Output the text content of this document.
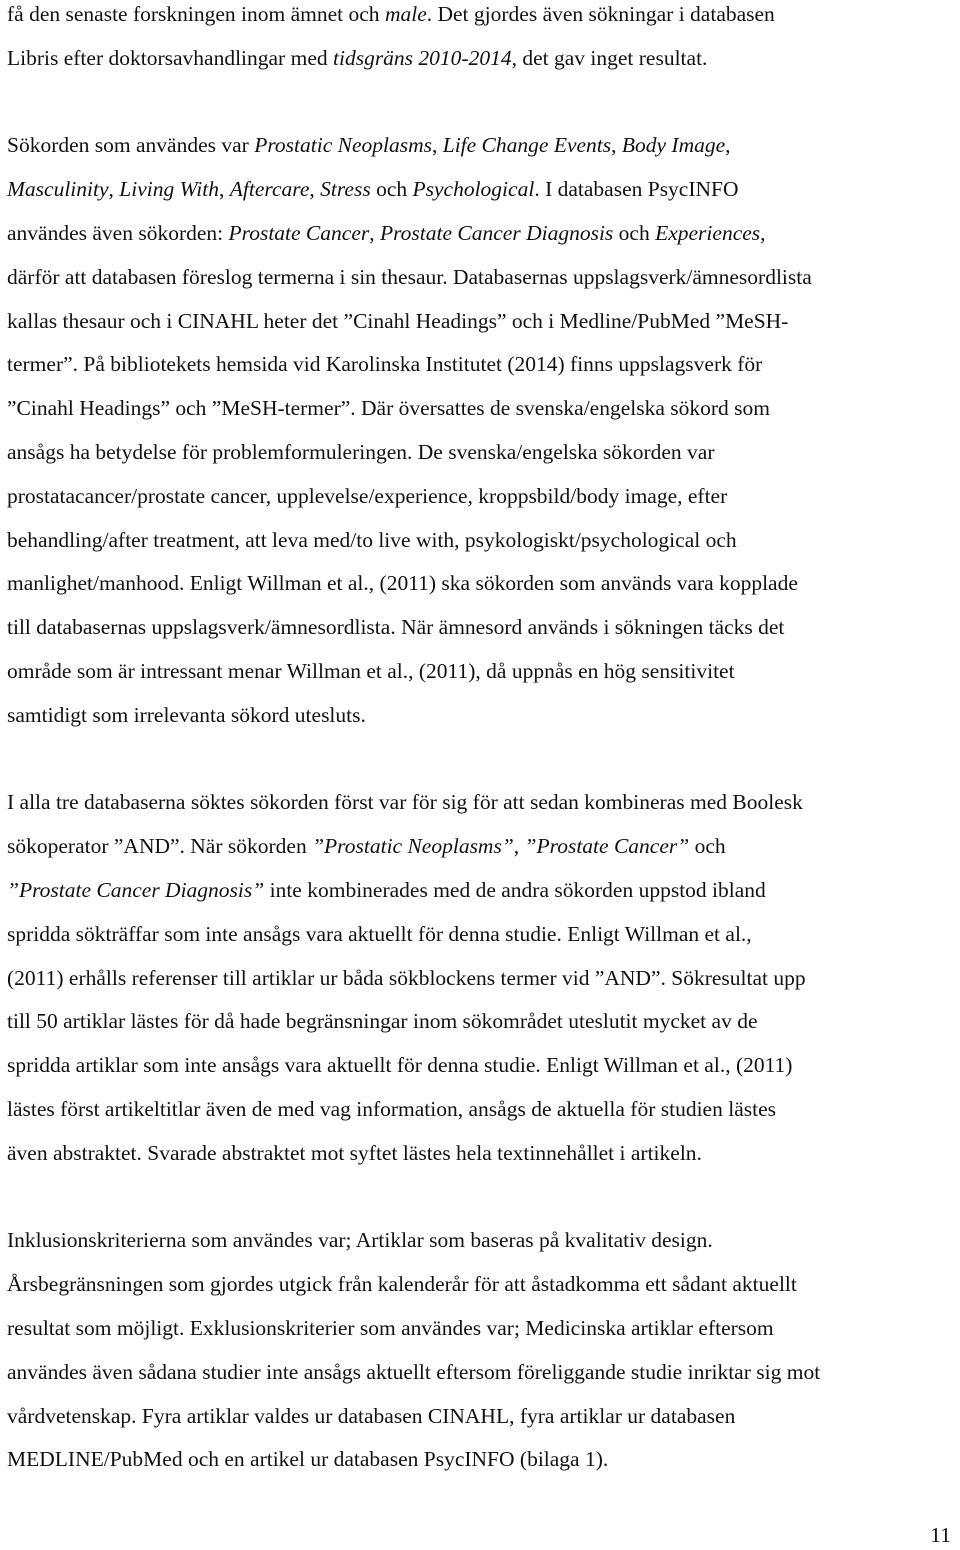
få den senaste forskningen inom ämnet och male. Det gjordes även sökningar i databasen
Libris efter doktorsavhandlingar med tidsgräns 2010-2014, det gav inget resultat.

Sökorden som användes var Prostatic Neoplasms, Life Change Events, Body Image,
Masculinity, Living With, Aftercare, Stress och Psychological. I databasen PsycINFO
användes även sökorden: Prostate Cancer, Prostate Cancer Diagnosis och Experiences,
därför att databasen föreslog termerna i sin thesaur. Databasernas uppslagsverk/ämnesordlista
kallas thesaur och i CINAHL heter det ”Cinahl Headings” och i Medline/PubMed ”MeSH-
termer”. På bibliotekets hemsida vid Karolinska Institutet (2014) finns uppslagsverk för
”Cinahl Headings” och ”MeSH-termer”. Där översattes de svenska/engelska sökord som
ansågs ha betydelse för problemformuleringen. De svenska/engelska sökorden var
prostatacancer/prostate cancer, upplevelse/experience, kroppsbild/body image, efter
behandling/after treatment, att leva med/to live with, psykologiskt/psychological och
manlighet/manhood. Enligt Willman et al., (2011) ska sökorden som används vara kopplade
till databasernas uppslagsverk/ämnesordlista. När ämnesord används i sökningen täcks det
område som är intressant menar Willman et al., (2011), då uppnås en hög sensitivitet
samtidigt som irrelevanta sökord utesluts.

I alla tre databaserna söktes sökorden först var för sig för att sedan kombineras med Boolesk
sökoperator ”AND”. När sökorden ”Prostatic Neoplasms”, ”Prostate Cancer” och
”Prostate Cancer Diagnosis” inte kombinerades med de andra sökorden uppstod ibland
spridda sökträffar som inte ansågs vara aktuellt för denna studie. Enligt Willman et al.,
(2011) erhålls referenser till artiklar ur båda sökblockens termer vid ”AND”. Sökresultat upp
till 50 artiklar lästes för då hade begränsningar inom sökområdet uteslutit mycket av de
spridda artiklar som inte ansågs vara aktuellt för denna studie. Enligt Willman et al., (2011)
lästes först artikeltitlar även de med vag information, ansågs de aktuella för studien lästes
även abstraktet. Svarade abstraktet mot syftet lästes hela textinnehållet i artikeln.

Inklusionskriterierna som användes var; Artiklar som baseras på kvalitativ design.
Årsbegränsningen som gjordes utgick från kalenderår för att åstadkomma ett sådant aktuellt
resultat som möjligt. Exklusionskriterier som användes var; Medicinska artiklar eftersom
användes även sådana studier inte ansågs aktuellt eftersom föreliggande studie inriktar sig mot
vårdvetenskap. Fyra artiklar valdes ur databasen CINAHL, fyra artiklar ur databasen
MEDLINE/PubMed och en artikel ur databasen PsycINFO (bilaga 1).

11
